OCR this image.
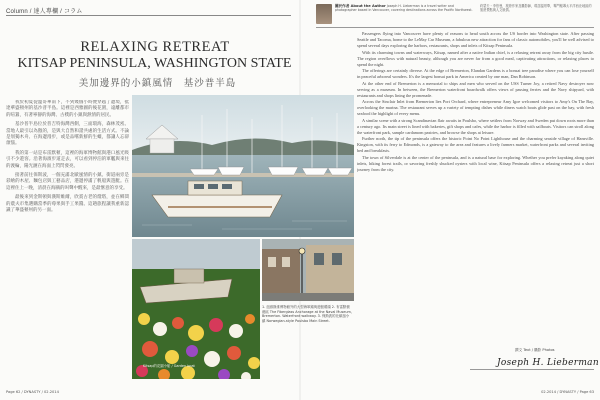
Column / 達人專欄 / コラム
RELAXING RETREAT
KITSAP PENINSULA, WASHINGTON STATE
美加邊界的小鎮風情　基沙普半島

我於初夏從溫哥華南下，不到幾個小時便穿越了邊境，抵達華盛頓州的基沙普半島。這裡是西雅圖的後花園，遠離都市的喧囂，有著寧靜的海灣、古樸的小鎮與熱情的居民。

基沙普半島位於普吉特海灣西側，三面環海，森林茂密。當地人最引以為傲的，是與大自然和諧共處的生活方式。不論是划獨木舟、在海邊漫步，或是品嚐新鮮的生蠔，都讓人忘卻煩惱。

我的第一站是布雷默頓，這裡的海軍博物館與港口風光吸引不少遊客。沿著海濱步道走去，可以看到停泊的軍艦與來往的渡輪，陽光灑在海面上閃閃發亮。

接著前往保斯波，一個充滿北歐風情的小鎮。街道兩旁是彩繪的木屋、麵包店與工藝品店，港邊停滿了帆船與遊艇。在這裡住上一晚，清晨在海鷗的叫聲中醒來，是最愜意的享受。

最後來到金斯頓與漢斯維爾，欣賞古老的燈塔，並在鄉間的農夫市集選購當季的莓果與手工果醬。這趟旅程讓我重新認識了華盛頓州的另一面。

Kitsap的花園小船 / Garden boat
1. 紐維斯維博物館外的大型海軍錨與遊艇碼頭 2. 布雷默頓港區 The Fiberglass Anchorage at the Naval Museum, Bremerton. Waterfront walkway. 3. 保斯波的北歐風小鎮 Norwegian-style Poulsbo Main Street.
Page 62 / DYNASTY / 02.2014
關於作者 About the Author Joseph H. Lieberman is a travel writer and photographer based in Vancouver, covering destinations across the Pacific Northwest.
約瑟夫・李伯曼，旅遊作家及攝影師，現居溫哥華，專門報導太平洋西北地區的旅遊景點與人文風情。

Passengers flying into Vancouver have plenty of reasons to head south across the US border into Washington state. After passing Seattle and Tacoma, home to the LeMay Car Museum, a fabulous new attraction for fans of classic automobiles, you'll be well advised to spend several days exploring the harbors, restaurants, shops and inlets of Kitsap Peninsula.

With its charming towns and waterways, Kitsap, named after a native Indian chief, is a relaxing retreat away from the big city hustle. The region overflows with natural beauty, although you are never far from a good meal, captivating attractions, or relaxing places to spend the night.

The offerings are certainly diverse. At the edge of Bremerton, Elandan Gardens is a bonsai tree paradise where you can lose yourself in peaceful arboreal wonders. It's the largest bonsai park in America created by one man, Dan Robinson.

At the other end of Bremerton is a memorial to ships and men who served on the USS Turner Joy, a retired Navy destroyer now serving as a museum. In between, the Bremerton waterfront boardwalk offers views of passing ferries and the Navy shipyard, with restaurants and shops lining the promenade.

Across the Sinclair Inlet from Bremerton lies Port Orchard, where entrepreneur Amy Igoe welcomed visitors to Amy's On The Bay, overlooking the marina. The restaurant serves up a variety of tempting dishes while diners watch boats glide past on the bay, with fresh seafood the highlight of every menu.

A similar scene with a strong Scandinavian flair awaits in Poulsbo, where settlers from Norway and Sweden put down roots more than a century ago. Its main street is lined with bakeries, gift shops and cafes, while the harbor is filled with sailboats. Visitors can stroll along the waterfront park, sample cardamom pastries, and browse the shops at leisure.

Further north, the tip of the peninsula offers the historic Point No Point Lighthouse and the charming seaside village of Hansville. Kingston, with its ferry to Edmonds, is a gateway to the area and features a lively farmers market, waterfront parks and several inviting bed and breakfasts.

The town of Silverdale is at the center of the peninsula, and is a natural base for exploring. Whether you prefer kayaking along quiet inlets, hiking forest trails, or savoring freshly shucked oysters with local wine, Kitsap Peninsula offers a relaxing retreat just a short journey from the city.

撰文 Text / 攝影 Photos
Joseph H. Lieberman
02.2014 / DYNASTY / Page 63
